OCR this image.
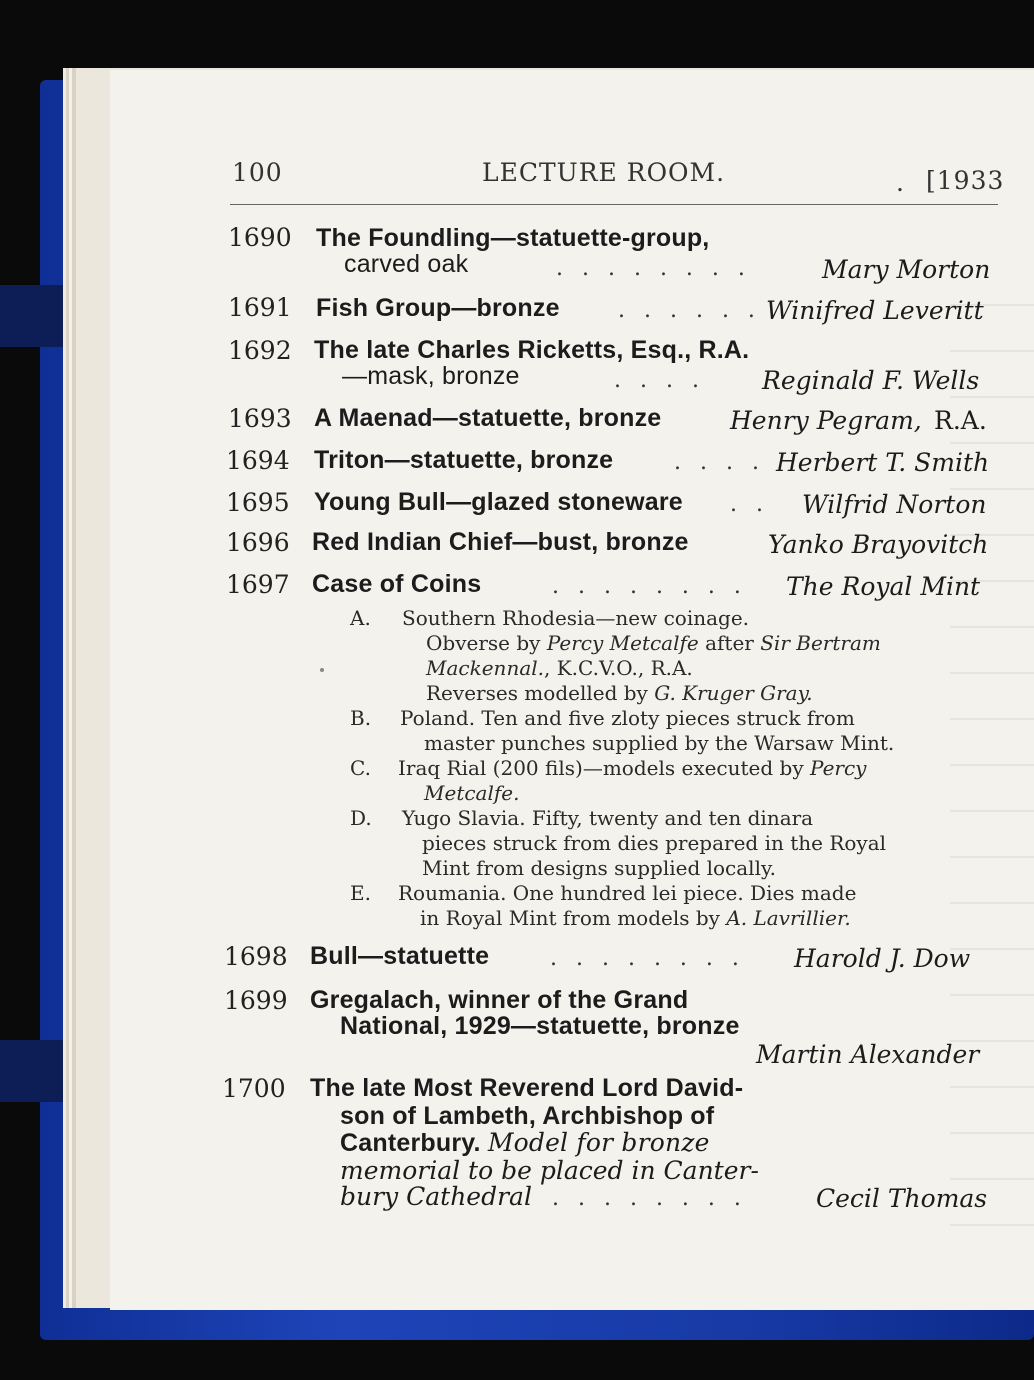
100	LECTURE ROOM.	. [1933
1690 The Foundling—statuette-group,
carved oak	. . . . . . . .	Mary Morton
1691 Fish Group—bronze	. . . . . . Winifred Leveritt
1692 The late Charles Ricketts, Esq., R.A.
—mask, bronze	. . . . Reginald F. Wells
1693 A Maenad—statuette, bronze	Henry Pegram, R.A.
1694 Triton—statuette, bronze	. . . . Herbert T. Smith
1695 Young Bull—glazed stoneware . . Wilfrid Norton
1696 Red Indian Chief—bust, bronze	Yanko Brayovitch
1697 Case of Coins	. . . . . . . . The Royal Mint
A. Southern Rhodesia—new coinage.
Obverse by Percy Metcalfe after Sir Bertram
Mackennal., K.C.V.O., R.A.
Reverses modelled by G. Kruger Gray.
B. Poland. Ten and five zloty pieces struck from
master punches supplied by the Warsaw Mint.
C. Iraq Rial (200 fils)—models executed by Percy
Metcalfe.
D. Yugo Slavia. Fifty, twenty and ten dinara
pieces struck from dies prepared in the Royal
Mint from designs supplied locally.
E. Roumania. One hundred lei piece. Dies made
in Royal Mint from models by A. Lavrillier.
1698 Bull—statuette	. . . . . . . . Harold J. Dow
1699 Gregalach, winner of the Grand
National, 1929—statuette, bronze
Martin Alexander
1700 The late Most Reverend Lord David-
son of Lambeth, Archbishop of
Canterbury. Model for bronze
memorial to be placed in Canter-
bury Cathedral . . . . . . . .	Cecil Thomas
